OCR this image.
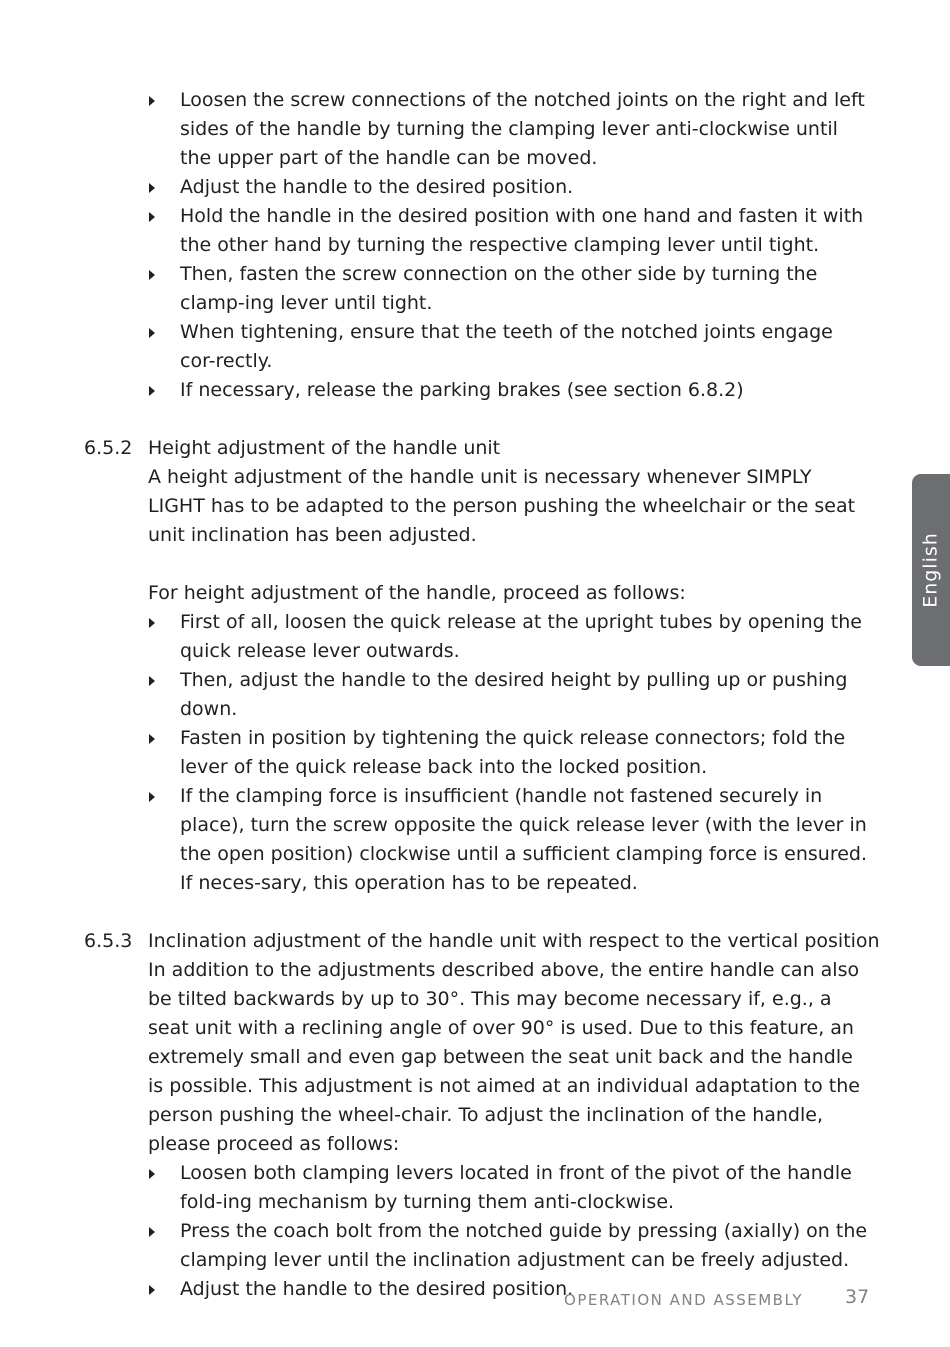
Loosen the screw connections of the notched joints on the right and left sides of the handle by turning the clamping lever anti-clockwise until the upper part of the handle can be moved.
Adjust the handle to the desired position.
Hold the handle in the desired position with one hand and fasten it with the other hand by turning the respective clamping lever until tight.
Then, fasten the screw connection on the other side by turning the clamp-ing lever until tight.
When tightening, ensure that the teeth of the notched joints engage cor-rectly.
If necessary, release the parking brakes (see section 6.8.2)
6.5.2 Height adjustment of the handle unit

A height adjustment of the handle unit is necessary whenever SIMPLY LIGHT has to be adapted to the person pushing the wheelchair or the seat unit inclination has been adjusted.

For height adjustment of the handle, proceed as follows:

First of all, loosen the quick release at the upright tubes by opening the quick release lever outwards.
Then, adjust the handle to the desired height by pulling up or pushing down.
Fasten in position by tightening the quick release connectors; fold the lever of the quick release back into the locked position.
If the clamping force is insufficient (handle not fastened securely in place), turn the screw opposite the quick release lever (with the lever in the open position) clockwise until a sufficient clamping force is ensured. If neces-sary, this operation has to be repeated.
6.5.3 Inclination adjustment of the handle unit with respect to the vertical position

In addition to the adjustments described above, the entire handle can also be tilted backwards by up to 30°. This may become necessary if, e.g., a seat unit with a reclining angle of over 90° is used. Due to this feature, an extremely small and even gap between the seat unit back and the handle is possible. This adjustment is not aimed at an individual adaptation to the person pushing the wheel-chair. To adjust the inclination of the handle, please proceed as follows:

Loosen both clamping levers located in front of the pivot of the handle fold-ing mechanism by turning them anti-clockwise.
Press the coach bolt from the notched guide by pressing (axially) on the clamping lever until the inclination adjustment can be freely adjusted.
Adjust the handle to the desired position.
English
OPERATION AND ASSEMBLY 37
